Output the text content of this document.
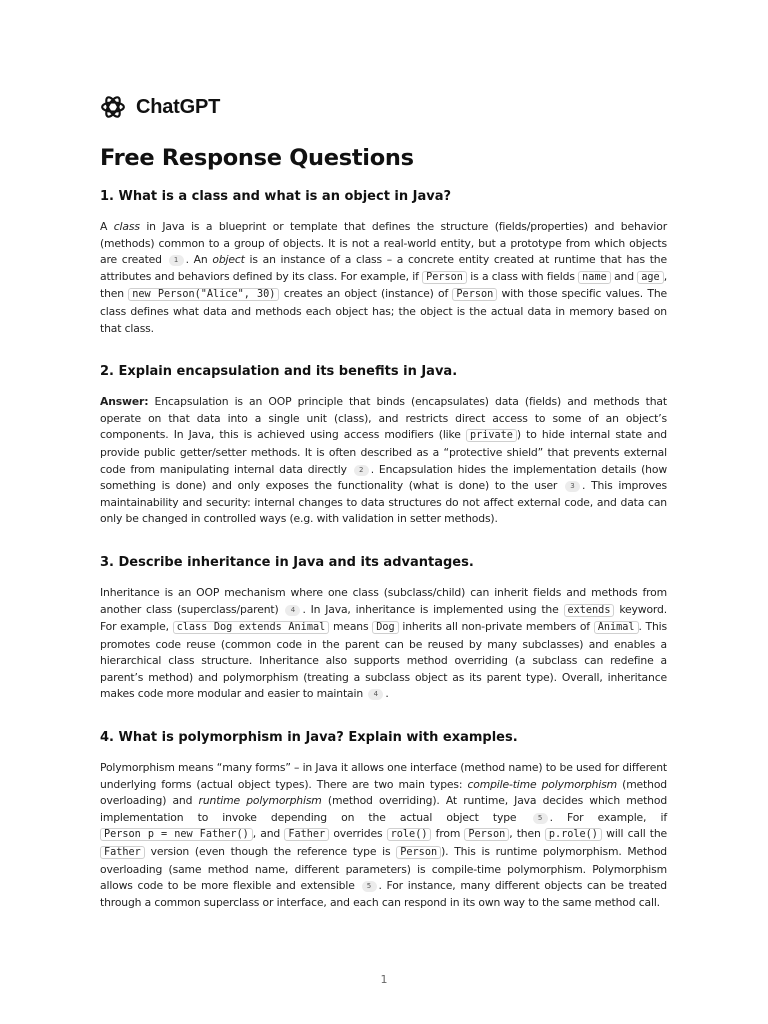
ChatGPT
Free Response Questions
1. What is a class and what is an object in Java?

A class in Java is a blueprint or template that defines the structure (fields/properties) and behavior (methods) common to a group of objects. It is not a real-world entity, but a prototype from which objects are created 1 . An object is an instance of a class – a concrete entity created at runtime that has the attributes and behaviors defined by its class. For example, if Person is a class with fields name and age , then new Person("Alice", 30) creates an object (instance) of Person with those specific values. The class defines what data and methods each object has; the object is the actual data in memory based on that class.

2. Explain encapsulation and its benefits in Java.

Answer: Encapsulation is an OOP principle that binds (encapsulates) data (fields) and methods that operate on that data into a single unit (class), and restricts direct access to some of an object’s components. In Java, this is achieved using access modifiers (like private ) to hide internal state and provide public getter/setter methods. It is often described as a “protective shield” that prevents external code from manipulating internal data directly 2 . Encapsulation hides the implementation details (how something is done) and only exposes the functionality (what is done) to the user 3 . This improves maintainability and security: internal changes to data structures do not affect external code, and data can only be changed in controlled ways (e.g. with validation in setter methods).

3. Describe inheritance in Java and its advantages.

Inheritance is an OOP mechanism where one class (subclass/child) can inherit fields and methods from another class (superclass/parent) 4 . In Java, inheritance is implemented using the extends keyword. For example, class Dog extends Animal means Dog inherits all non-private members of Animal . This promotes code reuse (common code in the parent can be reused by many subclasses) and enables a hierarchical class structure. Inheritance also supports method overriding (a subclass can redefine a parent’s method) and polymorphism (treating a subclass object as its parent type). Overall, inheritance makes code more modular and easier to maintain 4 .

4. What is polymorphism in Java? Explain with examples.

Polymorphism means “many forms” – in Java it allows one interface (method name) to be used for different underlying forms (actual object types). There are two main types: compile-time polymorphism (method overloading) and runtime polymorphism (method overriding). At runtime, Java decides which method implementation to invoke depending on the actual object type 5 . For example, if Person p = new Father() , and Father overrides role() from Person , then p.role() will call the Father version (even though the reference type is Person ). This is runtime polymorphism. Method overloading (same method name, different parameters) is compile-time polymorphism. Polymorphism allows code to be more flexible and extensible 5 . For instance, many different objects can be treated through a common superclass or interface, and each can respond in its own way to the same method call.

1
